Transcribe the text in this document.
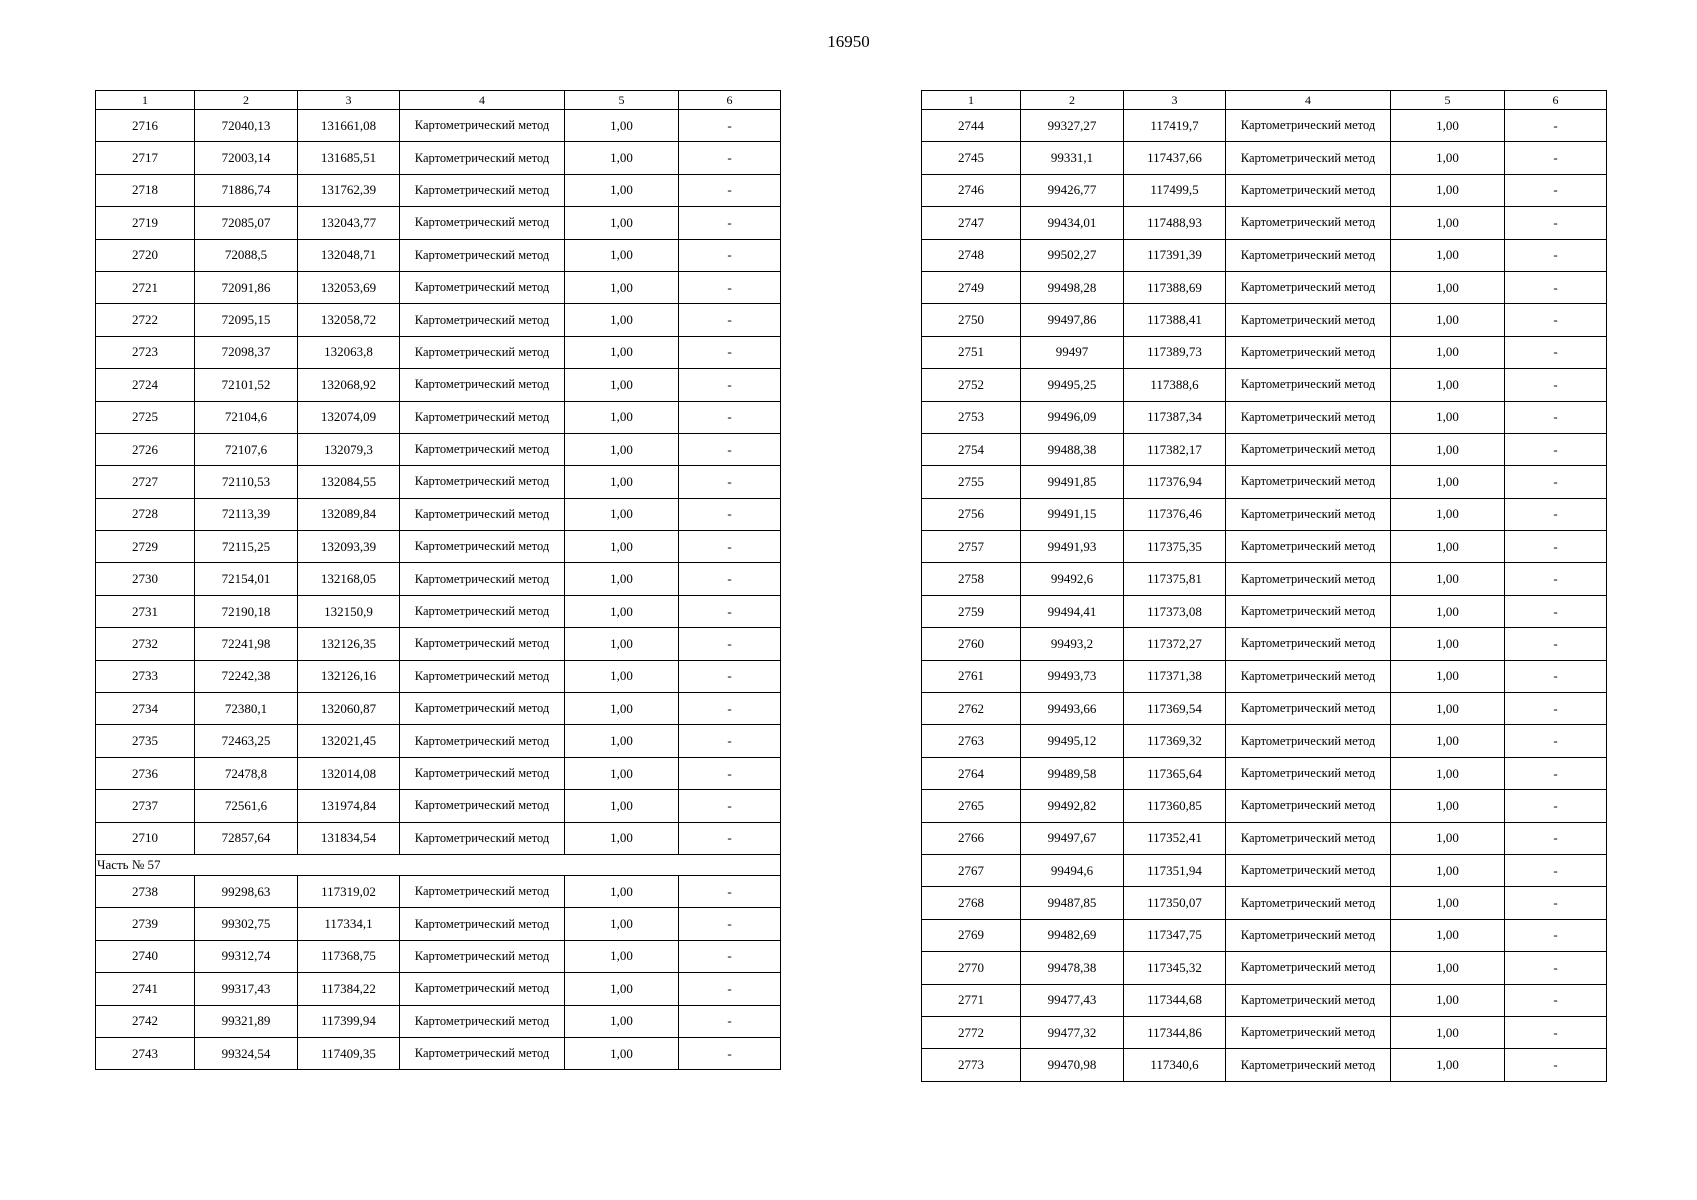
16950
1	2	3	4	5	6
2716	72040,13	131661,08	Картометрический метод	1,00	-
2717	72003,14	131685,51	Картометрический метод	1,00	-
2718	71886,74	131762,39	Картометрический метод	1,00	-
2719	72085,07	132043,77	Картометрический метод	1,00	-
2720	72088,5	132048,71	Картометрический метод	1,00	-
2721	72091,86	132053,69	Картометрический метод	1,00	-
2722	72095,15	132058,72	Картометрический метод	1,00	-
2723	72098,37	132063,8	Картометрический метод	1,00	-
2724	72101,52	132068,92	Картометрический метод	1,00	-
2725	72104,6	132074,09	Картометрический метод	1,00	-
2726	72107,6	132079,3	Картометрический метод	1,00	-
2727	72110,53	132084,55	Картометрический метод	1,00	-
2728	72113,39	132089,84	Картометрический метод	1,00	-
2729	72115,25	132093,39	Картометрический метод	1,00	-
2730	72154,01	132168,05	Картометрический метод	1,00	-
2731	72190,18	132150,9	Картометрический метод	1,00	-
2732	72241,98	132126,35	Картометрический метод	1,00	-
2733	72242,38	132126,16	Картометрический метод	1,00	-
2734	72380,1	132060,87	Картометрический метод	1,00	-
2735	72463,25	132021,45	Картометрический метод	1,00	-
2736	72478,8	132014,08	Картометрический метод	1,00	-
2737	72561,6	131974,84	Картометрический метод	1,00	-
2710	72857,64	131834,54	Картометрический метод	1,00	-
Часть № 57					
2738	99298,63	117319,02	Картометрический метод	1,00	-
2739	99302,75	117334,1	Картометрический метод	1,00	-
2740	99312,74	117368,75	Картометрический метод	1,00	-
2741	99317,43	117384,22	Картометрический метод	1,00	-
2742	99321,89	117399,94	Картометрический метод	1,00	-
2743	99324,54	117409,35	Картометрический метод	1,00	-
1	2	3	4	5	6
2744	99327,27	117419,7	Картометрический метод	1,00	-
2745	99331,1	117437,66	Картометрический метод	1,00	-
2746	99426,77	117499,5	Картометрический метод	1,00	-
2747	99434,01	117488,93	Картометрический метод	1,00	-
2748	99502,27	117391,39	Картометрический метод	1,00	-
2749	99498,28	117388,69	Картометрический метод	1,00	-
2750	99497,86	117388,41	Картометрический метод	1,00	-
2751	99497	117389,73	Картометрический метод	1,00	-
2752	99495,25	117388,6	Картометрический метод	1,00	-
2753	99496,09	117387,34	Картометрический метод	1,00	-
2754	99488,38	117382,17	Картометрический метод	1,00	-
2755	99491,85	117376,94	Картометрический метод	1,00	-
2756	99491,15	117376,46	Картометрический метод	1,00	-
2757	99491,93	117375,35	Картометрический метод	1,00	-
2758	99492,6	117375,81	Картометрический метод	1,00	-
2759	99494,41	117373,08	Картометрический метод	1,00	-
2760	99493,2	117372,27	Картометрический метод	1,00	-
2761	99493,73	117371,38	Картометрический метод	1,00	-
2762	99493,66	117369,54	Картометрический метод	1,00	-
2763	99495,12	117369,32	Картометрический метод	1,00	-
2764	99489,58	117365,64	Картометрический метод	1,00	-
2765	99492,82	117360,85	Картометрический метод	1,00	-
2766	99497,67	117352,41	Картометрический метод	1,00	-
2767	99494,6	117351,94	Картометрический метод	1,00	-
2768	99487,85	117350,07	Картометрический метод	1,00	-
2769	99482,69	117347,75	Картометрический метод	1,00	-
2770	99478,38	117345,32	Картометрический метод	1,00	-
2771	99477,43	117344,68	Картометрический метод	1,00	-
2772	99477,32	117344,86	Картометрический метод	1,00	-
2773	99470,98	117340,6	Картометрический метод	1,00	-
